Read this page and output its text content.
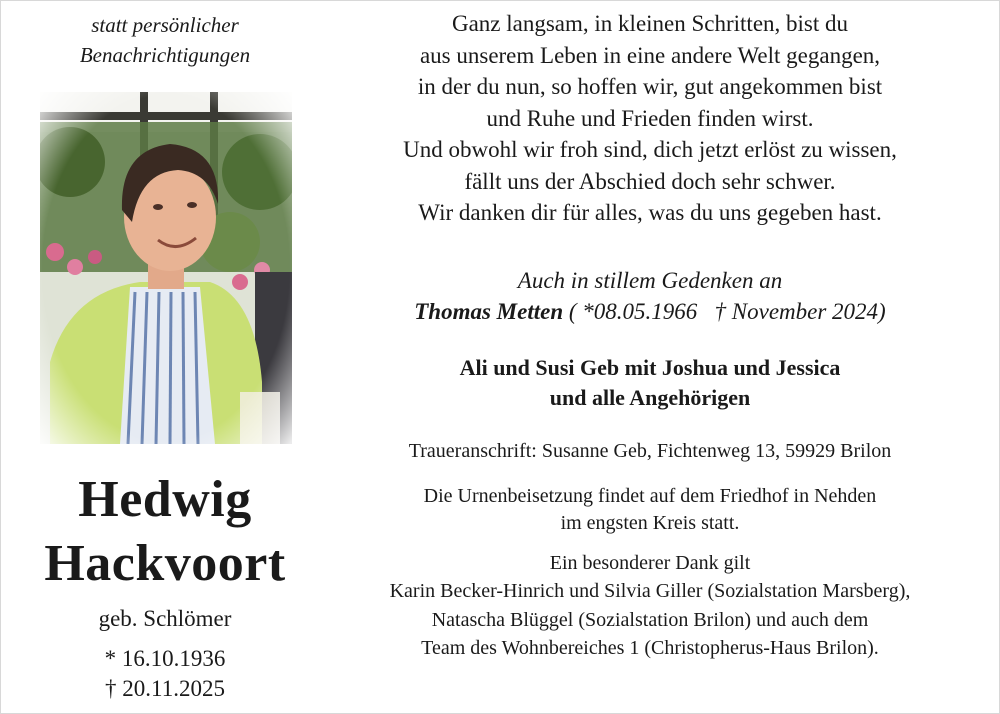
statt persönlicher
Benachrichtigungen
Hedwig
Hackvoort
geb. Schlömer
* 16.10.1936
† 20.11.2025
Ganz langsam, in kleinen Schritten, bist du
aus unserem Leben in eine andere Welt gegangen,
in der du nun, so hoffen wir, gut angekommen bist
und Ruhe und Frieden finden wirst.
Und obwohl wir froh sind, dich jetzt erlöst zu wissen,
fällt uns der Abschied doch sehr schwer.
Wir danken dir für alles, was du uns gegeben hast.
Auch in stillem Gedenken an
Thomas Metten ( *08.05.1966   † November 2024)
Ali und Susi Geb mit Joshua und Jessica
und alle Angehörigen
Traueranschrift: Susanne Geb, Fichtenweg 13, 59929 Brilon
Die Urnenbeisetzung findet auf dem Friedhof in Nehden
im engsten Kreis statt.
Ein besonderer Dank gilt
Karin Becker-Hinrich und Silvia Giller (Sozialstation Marsberg),
Natascha Blüggel (Sozialstation Brilon) und auch dem
Team des Wohnbereiches 1 (Christopherus-Haus Brilon).
